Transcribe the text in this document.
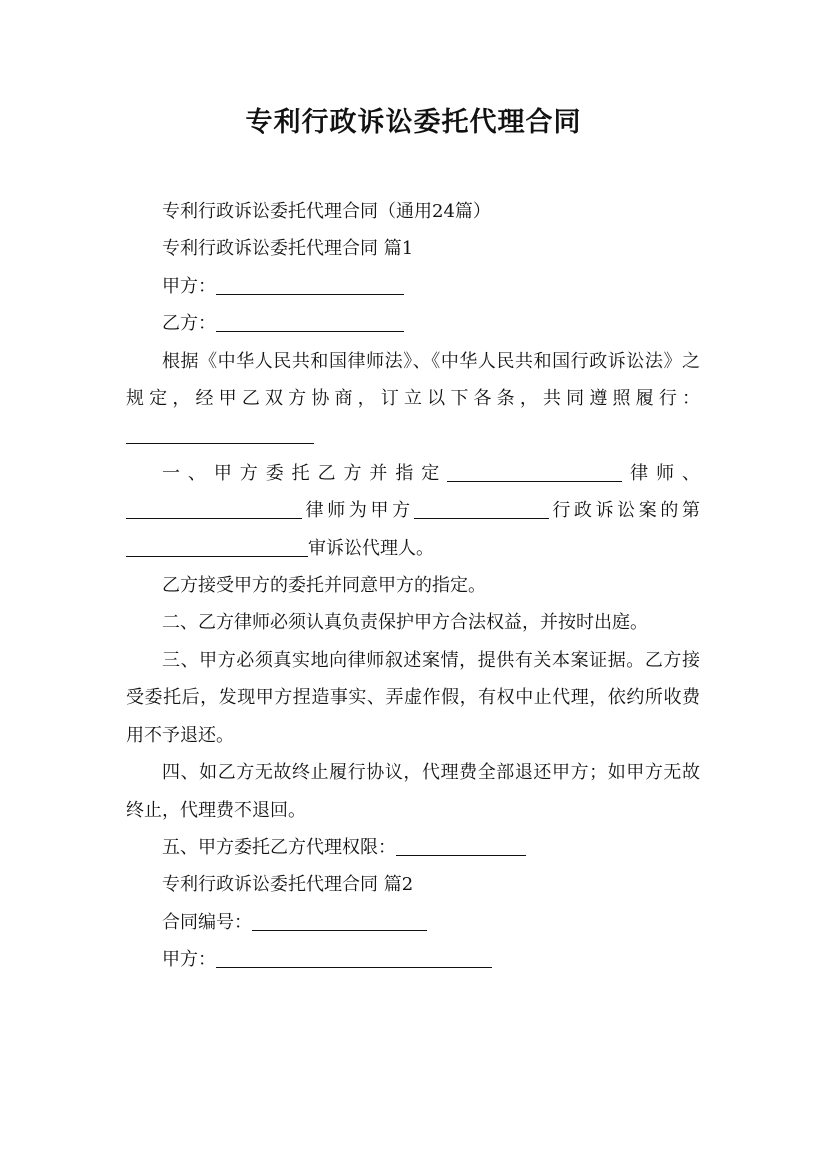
专利行政诉讼委托代理合同

专利行政诉讼委托代理合同（通用24篇）

专利行政诉讼委托代理合同 篇1

甲方：

乙方：

根据《中华人民共和国律师法》、《中华人民共和国行政诉讼法》之规定，经甲乙双方协商，订立以下各条，共同遵照履行：

一、甲方委托乙方并指定	律师、律师为甲方	行政诉讼案的第审诉讼代理人。

乙方接受甲方的委托并同意甲方的指定。

二、乙方律师必须认真负责保护甲方合法权益，并按时出庭。

三、甲方必须真实地向律师叙述案情，提供有关本案证据。乙方接受委托后，发现甲方捏造事实、弄虚作假，有权中止代理，依约所收费用不予退还。

四、如乙方无故终止履行协议，代理费全部退还甲方；如甲方无故终止，代理费不退回。

五、甲方委托乙方代理权限：

专利行政诉讼委托代理合同 篇2

合同编号：

甲方：
